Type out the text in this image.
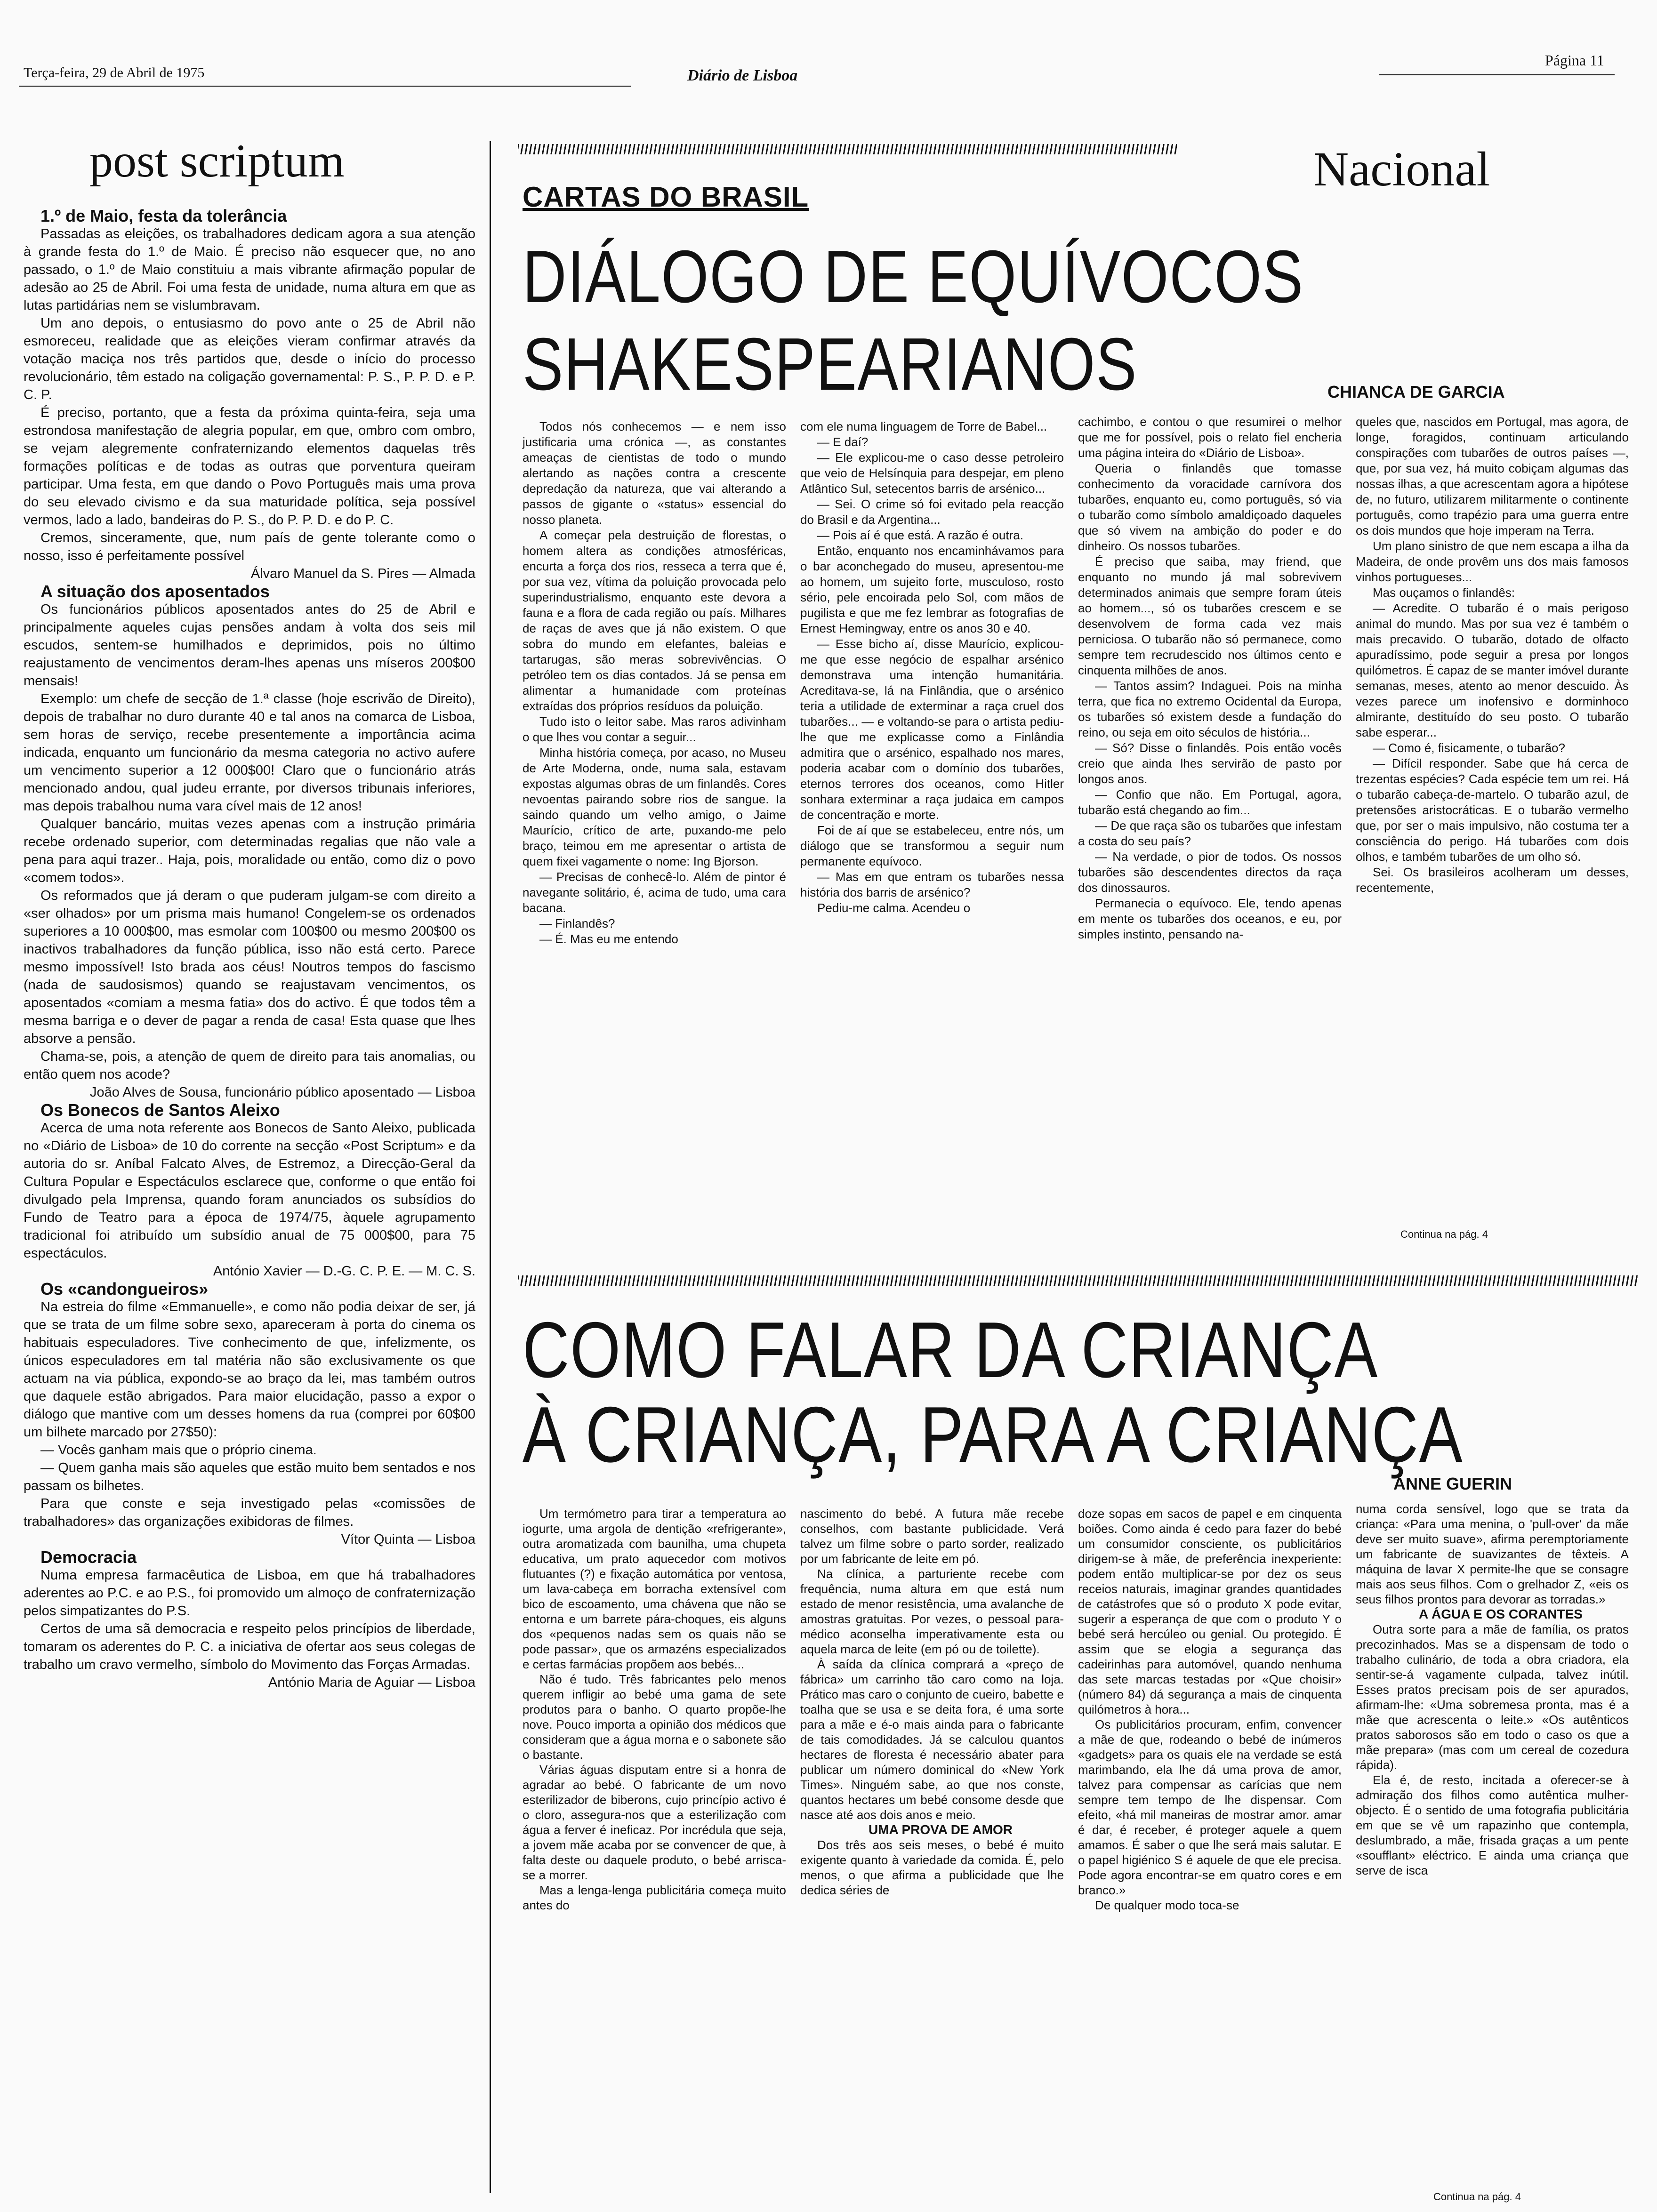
Terça-feira, 29 de Abril de 1975	Diário de Lisboa
Página 11
post scriptum

1.º de Maio, festa da tolerância

Passadas as eleições, os trabalhadores dedicam agora a sua atenção à grande festa do 1.º de Maio. É preciso não esquecer que, no ano passado, o 1.º de Maio constituiu a mais vibrante afirmação popular de adesão ao 25 de Abril. Foi uma festa de unidade, numa altura em que as lutas partidárias nem se vislumbravam.

Um ano depois, o entusiasmo do povo ante o 25 de Abril não esmoreceu, realidade que as eleições vieram confirmar através da votação maciça nos três partidos que, desde o início do processo revolucionário, têm estado na coligação governamental: P. S., P. P. D. e P. C. P.

É preciso, portanto, que a festa da próxima quinta-feira, seja uma estrondosa manifestação de alegria popular, em que, ombro com ombro, se vejam alegremente confraternizando elementos daquelas três formações políticas e de todas as outras que porventura queiram participar. Uma festa, em que dando o Povo Português mais uma prova do seu elevado civismo e da sua maturidade política, seja possível vermos, lado a lado, bandeiras do P. S., do P. P. D. e do P. C.

Cremos, sinceramente, que, num país de gente tolerante como o nosso, isso é perfeitamente possível

Álvaro Manuel da S. Pires — Almada

A situação dos aposentados

Os funcionários públicos aposentados antes do 25 de Abril e principalmente aqueles cujas pensões andam à volta dos seis mil escudos, sentem-se humilhados e deprimidos, pois no último reajustamento de vencimentos deram-lhes apenas uns míseros 200$00 mensais!

Exemplo: um chefe de secção de 1.ª classe (hoje escrivão de Direito), depois de trabalhar no duro durante 40 e tal anos na comarca de Lisboa, sem horas de serviço, recebe presentemente a importância acima indicada, enquanto um funcionário da mesma categoria no activo aufere um vencimento superior a 12 000$00! Claro que o funcionário atrás mencionado andou, qual judeu errante, por diversos tribunais inferiores, mas depois trabalhou numa vara cível mais de 12 anos!

Qualquer bancário, muitas vezes apenas com a instrução primária recebe ordenado superior, com determinadas regalias que não vale a pena para aqui trazer.. Haja, pois, moralidade ou então, como diz o povo «comem todos».

Os reformados que já deram o que puderam julgam-se com direito a «ser olhados» por um prisma mais humano! Congelem-se os ordenados superiores a 10 000$00, mas esmolar com 100$00 ou mesmo 200$00 os inactivos trabalhadores da função pública, isso não está certo. Parece mesmo impossível! Isto brada aos céus! Noutros tempos do fascismo (nada de saudosismos) quando se reajustavam vencimentos, os aposentados «comiam a mesma fatia» dos do activo. É que todos têm a mesma barriga e o dever de pagar a renda de casa! Esta quase que lhes absorve a pensão.

Chama-se, pois, a atenção de quem de direito para tais anomalias, ou então quem nos acode?

João Alves de Sousa, funcionário público aposentado — Lisboa

Os Bonecos de Santos Aleixo

Acerca de uma nota referente aos Bonecos de Santo Aleixo, publicada no «Diário de Lisboa» de 10 do corrente na secção «Post Scriptum» e da autoria do sr. Aníbal Falcato Alves, de Estremoz, a Direcção-Geral da Cultura Popular e Espectáculos esclarece que, conforme o que então foi divulgado pela Imprensa, quando foram anunciados os subsídios do Fundo de Teatro para a época de 1974/75, àquele agrupamento tradicional foi atribuído um subsídio anual de 75 000$00, para 75 espectáculos.

António Xavier — D.-G. C. P. E. — M. C. S.

Os «candongueiros»

Na estreia do filme «Emmanuelle», e como não podia deixar de ser, já que se trata de um filme sobre sexo, apareceram à porta do cinema os habituais especuladores. Tive conhecimento de que, infelizmente, os únicos especuladores em tal matéria não são exclusivamente os que actuam na via pública, expondo-se ao braço da lei, mas também outros que daquele estão abrigados. Para maior elucidação, passo a expor o diálogo que mantive com um desses homens da rua (comprei por 60$00 um bilhete marcado por 27$50):

— Vocês ganham mais que o próprio cinema.

— Quem ganha mais são aqueles que estão muito bem sentados e nos passam os bilhetes.

Para que conste e seja investigado pelas «comissões de trabalhadores» das organizações exibidoras de filmes.

Vítor Quinta — Lisboa

Democracia

Numa empresa farmacêutica de Lisboa, em que há trabalhadores aderentes ao P.C. e ao P.S., foi promovido um almoço de confraternização pelos simpatizantes do P.S.

Certos de uma sã democracia e respeito pelos princípios de liberdade, tomaram os aderentes do P. C. a iniciativa de ofertar aos seus colegas de trabalho um cravo vermelho, símbolo do Movimento das Forças Armadas.

António Maria de Aguiar — Lisboa

Nacional
CARTAS DO BRASIL
DIÁLOGO DE EQUÍVOCOS
SHAKESPEARIANOS	CHIANCA DE GARCIA

Todos nós conhecemos — e nem isso justificaria uma crónica —, as constantes ameaças de cientistas de todo o mundo alertando as nações contra a crescente depredação da natureza, que vai alterando a passos de gigante o «status» essencial do nosso planeta.

A começar pela destruição de florestas, o homem altera as condições atmosféricas, encurta a força dos rios, resseca a terra que é, por sua vez, vítima da poluição provocada pelo superindustrialismo, enquanto este devora a fauna e a flora de cada região ou país. Milhares de raças de aves que já não existem. O que sobra do mundo em elefantes, baleias e tartarugas, são meras sobrevivências. O petróleo tem os dias contados. Já se pensa em alimentar a humanidade com proteínas extraídas dos próprios resíduos da poluição.

Tudo isto o leitor sabe. Mas raros adivinham o que lhes vou contar a seguir...

Minha história começa, por acaso, no Museu de Arte Moderna, onde, numa sala, estavam expostas algumas obras de um finlandês. Cores nevoentas pairando sobre rios de sangue. Ia saindo quando um velho amigo, o Jaime Maurício, crítico de arte, puxando-me pelo braço, teimou em me apresentar o artista de quem fixei vagamente o nome: Ing Bjorson.

— Precisas de conhecê-lo. Além de pintor é navegante solitário, é, acima de tudo, uma cara bacana.

— Finlandês?

— É. Mas eu me entendo

com ele numa linguagem de Torre de Babel...

— E daí?

— Ele explicou-me o caso desse petroleiro que veio de Helsínquia para despejar, em pleno Atlântico Sul, setecentos barris de arsénico...

— Sei. O crime só foi evitado pela reacção do Brasil e da Argentina...

— Pois aí é que está. A razão é outra.

Então, enquanto nos encaminhávamos para o bar aconchegado do museu, apresentou-me ao homem, um sujeito forte, musculoso, rosto sério, pele encoirada pelo Sol, com mãos de pugilista e que me fez lembrar as fotografias de Ernest Hemingway, entre os anos 30 e 40.

— Esse bicho aí, disse Maurício, explicou-me que esse negócio de espalhar arsénico demonstrava uma intenção humanitária. Acreditava-se, lá na Finlândia, que o arsénico teria a utilidade de exterminar a raça cruel dos tubarões... — e voltando-se para o artista pediu-lhe que me explicasse como a Finlândia admitira que o arsénico, espalhado nos mares, poderia acabar com o domínio dos tubarões, eternos terrores dos oceanos, como Hitler sonhara exterminar a raça judaica em campos de concentração e morte.

Foi de aí que se estabeleceu, entre nós, um diálogo que se transformou a seguir num permanente equívoco.

— Mas em que entram os tubarões nessa história dos barris de arsénico?

Pediu-me calma. Acendeu o

cachimbo, e contou o que resumirei o melhor que me for possível, pois o relato fiel encheria uma página inteira do «Diário de Lisboa».

Queria o finlandês que tomasse conhecimento da voracidade carnívora dos tubarões, enquanto eu, como português, só via o tubarão como símbolo amaldiçoado daqueles que só vivem na ambição do poder e do dinheiro. Os nossos tubarões.

É preciso que saiba, may friend, que enquanto no mundo já mal sobrevivem determinados animais que sempre foram úteis ao homem..., só os tubarões crescem e se desenvolvem de forma cada vez mais perniciosa. O tubarão não só permanece, como sempre tem recrudescido nos últimos cento e cinquenta milhões de anos.

— Tantos assim? Indaguei. Pois na minha terra, que fica no extremo Ocidental da Europa, os tubarões só existem desde a fundação do reino, ou seja em oito séculos de história...

— Só? Disse o finlandês. Pois então vocês creio que ainda lhes servirão de pasto por longos anos.

— Confio que não. Em Portugal, agora, tubarão está chegando ao fim...

— De que raça são os tubarões que infestam a costa do seu país?

— Na verdade, o pior de todos. Os nossos tubarões são descendentes directos da raça dos dinossauros.

Permanecia o equívoco. Ele, tendo apenas em mente os tubarões dos oceanos, e eu, por simples instinto, pensando na-

queles que, nascidos em Portugal, mas agora, de longe, foragidos, continuam articulando conspirações com tubarões de outros países —, que, por sua vez, há muito cobiçam algumas das nossas ilhas, a que acrescentam agora a hipótese de, no futuro, utilizarem militarmente o continente português, como trapézio para uma guerra entre os dois mundos que hoje imperam na Terra.

Um plano sinistro de que nem escapa a ilha da Madeira, de onde provêm uns dos mais famosos vinhos portugueses...

Mas ouçamos o finlandês:

— Acredite. O tubarão é o mais perigoso animal do mundo. Mas por sua vez é também o mais precavido. O tubarão, dotado de olfacto apuradíssimo, pode seguir a presa por longos quilómetros. É capaz de se manter imóvel durante semanas, meses, atento ao menor descuido. Às vezes parece um inofensivo e dorminhoco almirante, destituído do seu posto. O tubarão sabe esperar...

— Como é, fisicamente, o tubarão?

— Difícil responder. Sabe que há cerca de trezentas espécies? Cada espécie tem um rei. Há o tubarão cabeça-de-martelo. O tubarão azul, de pretensões aristocráticas. E o tubarão vermelho que, por ser o mais impulsivo, não costuma ter a consciência do perigo. Há tubarões com dois olhos, e também tubarões de um olho só.

Sei. Os brasileiros acolheram um desses, recentemente,

Continua na pág. 4
COMO FALAR DA CRIANÇA
À CRIANÇA, PARA A CRIANÇA
ANNE GUERIN

Um termómetro para tirar a temperatura ao iogurte, uma argola de dentição «refrigerante», outra aromatizada com baunilha, uma chupeta educativa, um prato aquecedor com motivos flutuantes (?) e fixação automática por ventosa, um lava-cabeça em borracha extensível com bico de escoamento, uma chávena que não se entorna e um barrete pára-choques, eis alguns dos «pequenos nadas sem os quais não se pode passar», que os armazéns especializados e certas farmácias propõem aos bebés...

Não é tudo. Três fabricantes pelo menos querem infligir ao bebé uma gama de sete produtos para o banho. O quarto propõe-lhe nove. Pouco importa a opinião dos médicos que consideram que a água morna e o sabonete são o bastante.

Várias águas disputam entre si a honra de agradar ao bebé. O fabricante de um novo esterilizador de biberons, cujo princípio activo é o cloro, assegura-nos que a esterilização com água a ferver é ineficaz. Por incrédula que seja, a jovem mãe acaba por se convencer de que, à falta deste ou daquele produto, o bebé arrisca-se a morrer.

Mas a lenga-lenga publicitária começa muito antes do

nascimento do bebé. A futura mãe recebe conselhos, com bastante publicidade. Verá talvez um filme sobre o parto sorder, realizado por um fabricante de leite em pó.

Na clínica, a parturiente recebe com frequência, numa altura em que está num estado de menor resistência, uma avalanche de amostras gratuitas. Por vezes, o pessoal para-médico aconselha imperativamente esta ou aquela marca de leite (em pó ou de toilette).

À saída da clínica comprará a «preço de fábrica» um carrinho tão caro como na loja. Prático mas caro o conjunto de cueiro, babette e toalha que se usa e se deita fora, é uma sorte para a mãe e é-o mais ainda para o fabricante de tais comodidades. Já se calculou quantos hectares de floresta é necessário abater para publicar um número dominical do «New York Times». Ninguém sabe, ao que nos conste, quantos hectares um bebé consome desde que nasce até aos dois anos e meio.

UMA PROVA DE AMOR

Dos três aos seis meses, o bebé é muito exigente quanto à variedade da comida. É, pelo menos, o que afirma a publicidade que lhe dedica séries de

doze sopas em sacos de papel e em cinquenta boiões. Como ainda é cedo para fazer do bebé um consumidor consciente, os publicitários dirigem-se à mãe, de preferência inexperiente: podem então multiplicar-se por dez os seus receios naturais, imaginar grandes quantidades de catástrofes que só o produto X pode evitar, sugerir a esperança de que com o produto Y o bebé será hercúleo ou genial. Ou protegido. É assim que se elogia a segurança das cadeirinhas para automóvel, quando nenhuma das sete marcas testadas por «Que choisir» (número 84) dá segurança a mais de cinquenta quilómetros à hora...

Os publicitários procuram, enfim, convencer a mãe de que, rodeando o bebé de inúmeros «gadgets» para os quais ele na verdade se está marimbando, ela lhe dá uma prova de amor, talvez para compensar as carícias que nem sempre tem tempo de lhe dispensar. Com efeito, «há mil maneiras de mostrar amor. amar é dar, é receber, é proteger aquele a quem amamos. É saber o que lhe será mais salutar. E o papel higiénico S é aquele de que ele precisa. Pode agora encontrar-se em quatro cores e em branco.»

De qualquer modo toca-se

numa corda sensível, logo que se trata da criança: «Para uma menina, o 'pull-over' da mãe deve ser muito suave», afirma peremptoriamente um fabricante de suavizantes de têxteis. A máquina de lavar X permite-lhe que se consagre mais aos seus filhos. Com o grelhador Z, «eis os seus filhos prontos para devorar as torradas.»

A ÁGUA E OS CORANTES

Outra sorte para a mãe de família, os pratos precozinhados. Mas se a dispensam de todo o trabalho culinário, de toda a obra criadora, ela sentir-se-á vagamente culpada, talvez inútil. Esses pratos precisam pois de ser apurados, afirmam-lhe: «Uma sobremesa pronta, mas é a mãe que acrescenta o leite.» «Os autênticos pratos saborosos são em todo o caso os que a mãe prepara» (mas com um cereal de cozedura rápida).

Ela é, de resto, incitada a oferecer-se à admiração dos filhos como autêntica mulher-objecto. É o sentido de uma fotografia publicitária em que se vê um rapazinho que contempla, deslumbrado, a mãe, frisada graças a um pente «soufflant» eléctrico. E ainda uma criança que serve de isca

Continua na pág. 4
